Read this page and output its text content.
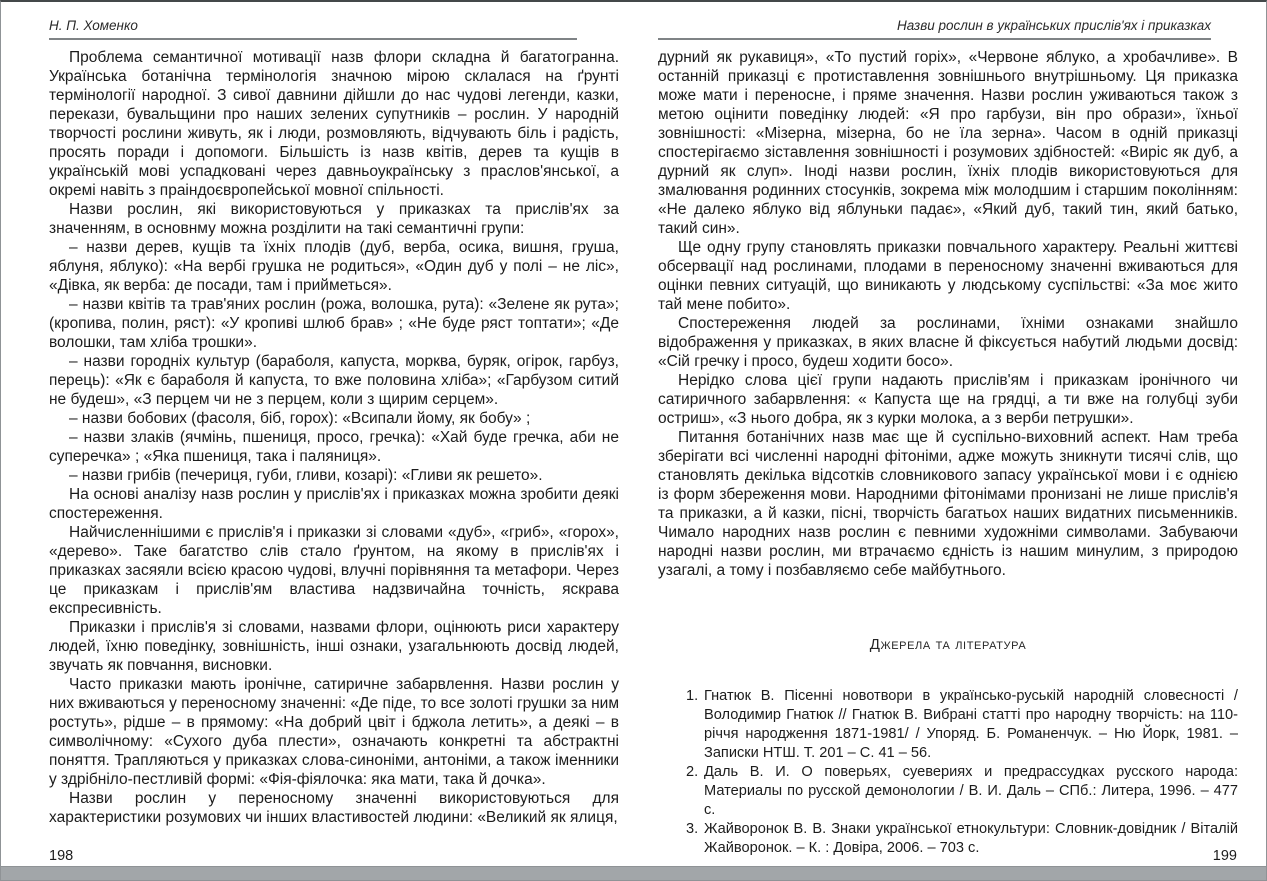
Н. П. Хоменко

Проблема семантичної мотивації назв флори складна й багатогранна. Українська ботанічна термінологія значною мірою склалася на ґрунті термінології народної. З сивої давнини дійшли до нас чудові легенди, казки, перекази, бувальщини про наших зелених супутників – рослин. У народній творчості рослини живуть, як і люди, розмовляють, відчувають біль і радість, просять поради і допомоги. Більшість із назв квітів, дерев та кущів в українській мові успадковані через давньоукраїнську з праслов'янської, а окремі навіть з праіндоєвропейської мовної спільності.

Назви рослин, які використовуються у приказках та прислів'ях за значенням, в основнму можна розділити на такі семантичні групи:

– назви дерев, кущів та їхніх плодів (дуб, верба, осика, вишня, груша, яблуня, яблуко): «На вербі грушка не родиться», «Один дуб у полі – не ліс», «Дівка, як верба: де посади, там і прийметься».

– назви квітів та трав'яних рослин (рожа, волошка, рута): «Зелене як рута»; (кропива, полин, ряст): «У кропиві шлюб брав» ; «Не буде ряст топтати»; «Де волошки, там хліба трошки».

– назви городніх культур (бараболя, капуста, морква, буряк, огірок, гарбуз, перець): «Як є бараболя й капуста, то вже половина хліба»; «Гарбузом ситий не будеш», «З перцем чи не з перцем, коли з щирим серцем».

– назви бобових (фасоля, біб, горох): «Всипали йому, як бобу» ;

– назви злаків (ячмінь, пшениця, просо, гречка): «Хай буде гречка, аби не суперечка» ; «Яка пшениця, така і паляниця».

– назви грибів (печериця, губи, гливи, козарі): «Гливи як решето».

На основі аналізу назв рослин у прислів'ях і приказках можна зробити деякі спостереження.

Найчисленнішими є прислів'я і приказки зі словами «дуб», «гриб», «горох», «дерево». Таке багатство слів стало ґрунтом, на якому в прислів'ях і приказках засяяли всією красою чудові, влучні порівняння та метафори. Через це приказкам і прислів'ям властива надзвичайна точність, яскрава експресивність.

Приказки і прислів'я зі словами, назвами флори, оцінюють риси характеру людей, їхню поведінку, зовнішність, інші ознаки, узагальнюють досвід людей, звучать як повчання, висновки.

Часто приказки мають іронічне, сатиричне забарвлення. Назви рослин у них вживаються у переносному значенні: «Де піде, то все золоті грушки за ним ростуть», рідше – в прямому: «На добрий цвіт і бджола летить», а деякі – в символічному: «Сухого дуба плести», означають конкретні та абстрактні поняття. Трапляються у приказках слова-синоніми, антоніми, а також іменники у здрібніло-пестливій формі: «Фія-фіялочка: яка мати, така й дочка».

Назви рослин у переносному значенні використовуються для характеристики розумових чи інших властивостей людини: «Великий як ялиця,

Назви рослин в українських прислів'ях і приказках

дурний як рукавиця», «То пустий горіх», «Червоне яблуко, а хробачливе». В останній приказці є протиставлення зовнішнього внутрішньому. Ця приказка може мати і переносне, і пряме значення. Назви рослин уживаються також з метою оцінити поведінку людей: «Я про гарбузи, він про образи», їхньої зовнішності: «Мізерна, мізерна, бо не їла зерна». Часом в одній приказці спостерігаємо зіставлення зовнішності і розумових здібностей: «Виріс як дуб, а дурний як слуп». Іноді назви рослин, їхніх плодів використовуються для змалювання родинних стосунків, зокрема між молодшим і старшим поколінням: «Не далеко яблуко від яблуньки падає», «Який дуб, такий тин, який батько, такий син».

Ще одну групу становлять приказки повчального характеру. Реальні життєві обсервації над рослинами, плодами в переносному значенні вживаються для оцінки певних ситуацій, що виникають у людському суспільстві: «За моє жито тай мене побито».

Спостереження людей за рослинами, їхніми ознаками знайшло відображення у приказках, в яких власне й фіксується набутий людьми досвід: «Сій гречку і просо, будеш ходити босо».

Нерідко слова цієї групи надають прислів'ям і приказкам іронічного чи сатиричного забарвлення: « Капуста ще на грядці, а ти вже на голубці зуби остриш», «З нього добра, як з курки молока, а з верби петрушки».

Питання ботанічних назв має ще й суспільно-виховний аспект. Нам треба зберігати всі численні народні фітоніми, адже можуть зникнути тисячі слів, що становлять декілька відсотків словникового запасу української мови і є однією із форм збереження мови. Народними фітонімами пронизані не лише прислів'я та приказки, а й казки, пісні, творчість багатьох наших видатних письменників. Чимало народних назв рослин є певними художніми символами. Забуваючи народні назви рослин, ми втрачаємо єдність із нашим минулим, з природою узагалі, а тому і позбавляємо себе майбутнього.

Джерела та література
1. Гнатюк В. Пісенні новотвори в українсько-руській народній словесності / Володимир Гнатюк // Гнатюк В. Вибрані статті про народну творчість: на 110-річчя народження 1871-1981/ / Упоряд. Б. Романенчук. – Ню Йорк, 1981. – Записки НТШ. Т. 201 – С. 41 – 56.
2. Даль В. И. О поверьях, суевериях и предрассудках русского народа: Материалы по русской демонологии / В. И. Даль – СПб.: Литера, 1996. – 477 с.
3. Жайворонок В. В. Знаки української етнокультури: Словник-довідник / Віталій Жайворонок. – К. : Довіра, 2006. – 703 с.
198	199
